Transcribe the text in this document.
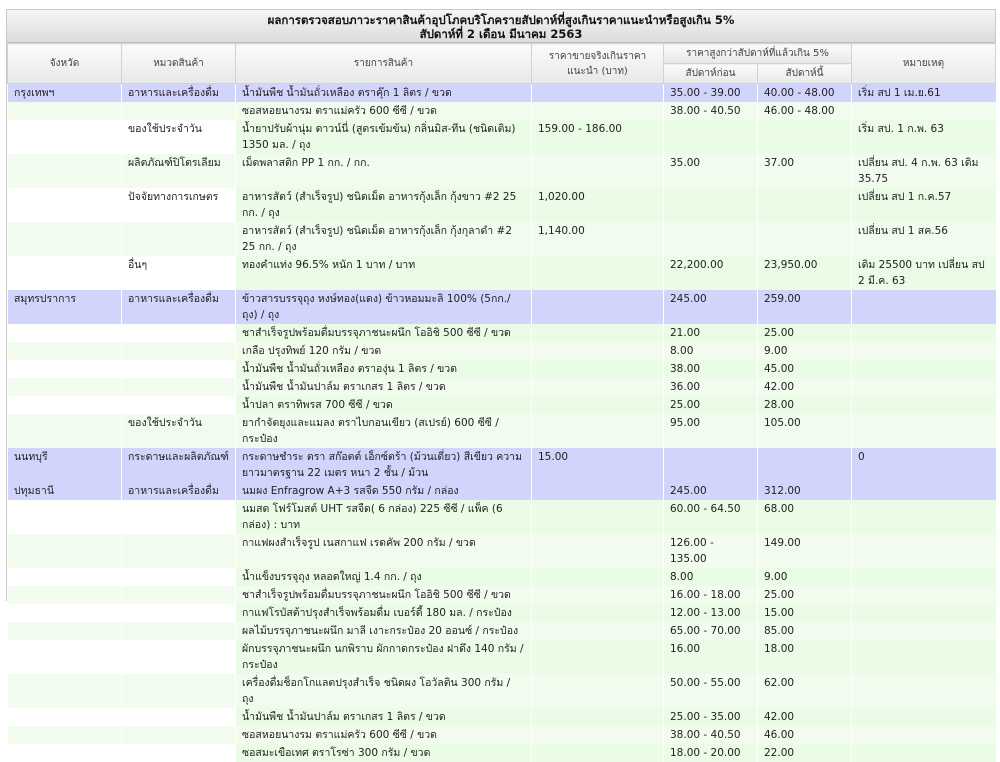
ผลการตรวจสอบภาวะราคาสินค้าอุปโภคบริโภครายสัปดาห์ที่สูงเกินราคาแนะนำหรือสูงเกิน 5%
สัปดาห์ที่ 2 เดือน มีนาคม 2563
จังหวัด	หมวดสินค้า	รายการสินค้า	ราคาขายจริงเกินราคาแนะนำ (บาท)	ราคาสูงกว่าสัปดาห์ที่แล้วเกิน 5%		หมายเหตุ
				สัปดาห์ก่อน	สัปดาห์นี้	
กรุงเทพฯ	อาหารและเครื่องดื่ม	น้ำมันพืช น้ำมันถั่วเหลือง ตราคุ๊ก 1 ลิตร / ขวด		35.00 - 39.00	40.00 - 48.00	เริ่ม สป 1 เม.ย.61
		ซอสหอยนางรม ตราแม่ครัว 600 ซีซี / ขวด		38.00 - 40.50	46.00 - 48.00	
	ของใช้ประจำวัน	น้ำยาปรับผ้านุ่ม ดาวน์นี่ (สูตรเข้มข้น) กลิ่นมิส-ทีน (ชนิดเติม) 1350 มล. / ถุง	159.00 - 186.00			เริ่ม สป. 1 ก.พ. 63
	ผลิตภัณฑ์ปิโตรเลียม	เม็ดพลาสติก PP 1 กก. / กก.		35.00	37.00	เปลี่ยน สป. 4 ก.พ. 63 เดิม 35.75
	ปัจจัยทางการเกษตร	อาหารสัตว์ (สำเร็จรูป) ชนิดเม็ด อาหารกุ้งเล็ก กุ้งขาว #2 25 กก. / ถุง	1,020.00			เปลี่ยน สป 1 ก.ค.57
		อาหารสัตว์ (สำเร็จรูป) ชนิดเม็ด อาหารกุ้งเล็ก กุ้งกุลาดำ #2 25 กก. / ถุง	1,140.00			เปลี่ยน สป 1 สค.56
	อื่นๆ	ทองคำแท่ง 96.5% หนัก 1 บาท / บาท		22,200.00	23,950.00	เดิม 25500 บาท เปลี่ยน สป 2 มี.ค. 63
สมุทรปราการ	อาหารและเครื่องดื่ม	ข้าวสารบรรจุถุง หงษ์ทอง(แดง) ข้าวหอมมะลิ 100% (5กก./ถุง) / ถุง		245.00	259.00	
		ชาสำเร็จรูปพร้อมดื่มบรรจุภาชนะผนึก โออิชิ 500 ซีซี / ขวด		21.00	25.00	
		เกลือ ปรุงทิพย์ 120 กรัม / ขวด		8.00	9.00	
		น้ำมันพืช น้ำมันถั่วเหลือง ตราองุ่น 1 ลิตร / ขวด		38.00	45.00	
		น้ำมันพืช น้ำมันปาล์ม ตราเกสร 1 ลิตร / ขวด		36.00	42.00	
		น้ำปลา ตราทิพรส 700 ซีซี / ขวด		25.00	28.00	
	ของใช้ประจำวัน	ยากำจัดยุงและแมลง ตราไบกอนเขียว (สเปรย์) 600 ซีซี / กระป๋อง		95.00	105.00	
นนทบุรี	กระดาษและผลิตภัณฑ์	กระดาษชำระ ตรา สก๊อตต์ เอ็กซ์ตร้า (ม้วนเดี่ยว) สีเขียว ความยาวมาตรฐาน 22 เมตร หนา 2 ชั้น / ม้วน	15.00			0
ปทุมธานี	อาหารและเครื่องดื่ม	นมผง Enfragrow A+3 รสจืด 550 กรัม / กล่อง		245.00	312.00	
		นมสด โฟร์โมสต์ UHT รสจืด( 6 กล่อง) 225 ซีซี / แพ็ค (6 กล่อง) : บาท		60.00 - 64.50	68.00	
		กาแฟผงสำเร็จรูป เนสกาแฟ เรดคัพ 200 กรัม / ขวด		126.00 - 135.00	149.00	
		น้ำแข็งบรรจุถุง หลอดใหญ่ 1.4 กก. / ถุง		8.00	9.00	
		ชาสำเร็จรูปพร้อมดื่มบรรจุภาชนะผนึก โออิชิ 500 ซีซี / ขวด		16.00 - 18.00	25.00	
		กาแฟโรบัสต้าปรุงสำเร็จพร้อมดื่ม เบอร์ดี้ 180 มล. / กระป๋อง		12.00 - 13.00	15.00	
		ผลไม้บรรจุภาชนะผนึก มาลี เงาะกระป๋อง 20 ออนซ์ / กระป๋อง		65.00 - 70.00	85.00	
		ผักบรรจุภาชนะผนึก นกพิราบ ผักกาดกระป๋อง ฝาดึง 140 กรัม / กระป๋อง		16.00	18.00	
		เครื่องดื่มช็อกโกแลตปรุงสำเร็จ ชนิดผง โอวัลติน 300 กรัม / ถุง		50.00 - 55.00	62.00	
		น้ำมันพืช น้ำมันปาล์ม ตราเกสร 1 ลิตร / ขวด		25.00 - 35.00	42.00	
		ซอสหอยนางรม ตราแม่ครัว 600 ซีซี / ขวด		38.00 - 40.50	46.00	
		ซอสมะเขือเทศ ตราโรซ่า 300 กรัม / ขวด		18.00 - 20.00	22.00	
